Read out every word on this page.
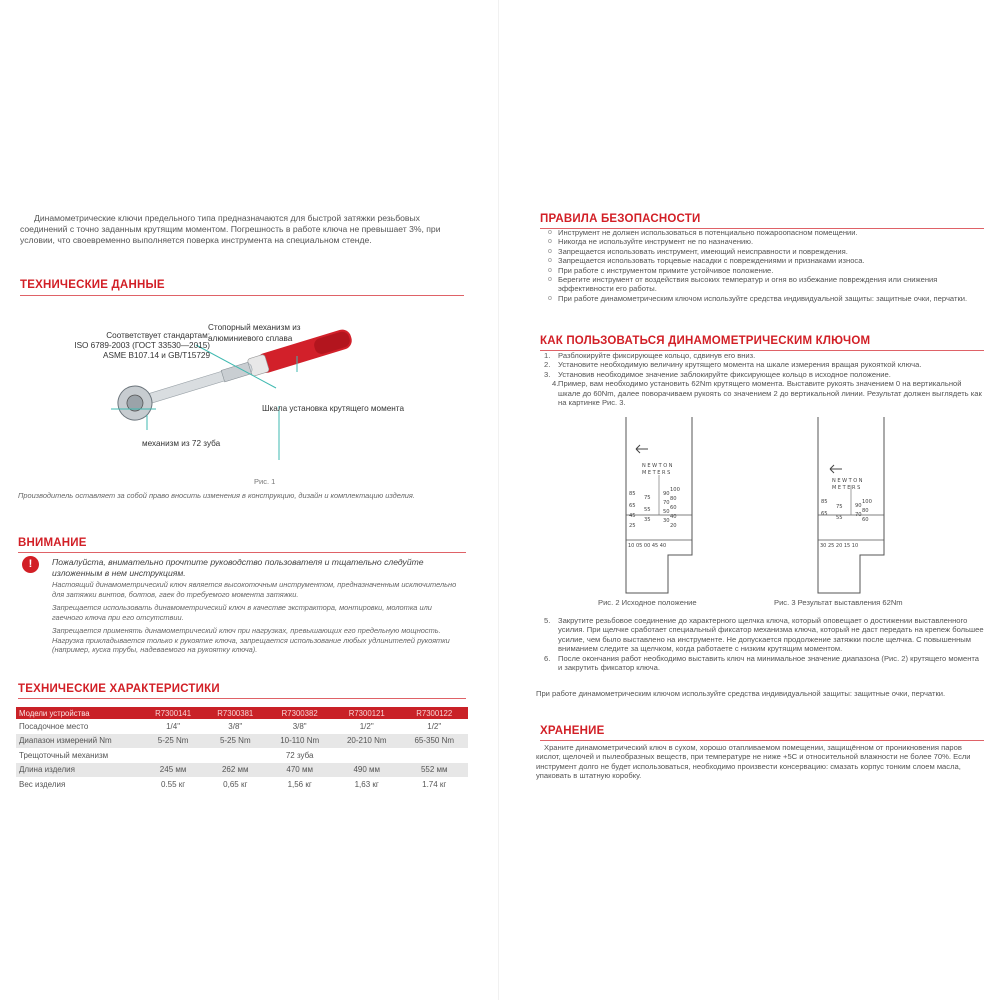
Динамометрические ключи предельного типа предназначаются для быстрой затяжки резьбовых соединений с точно заданным крутящим моментом. Погрешность в работе ключа не превышает 3%, при условии, что своевременно выполняется поверка инструмента на специальном стенде.

ТЕХНИЧЕСКИЕ ДАННЫЕ

Соответствует стандартам:
ISO 6789-2003 (ГОСТ 33530—2015)
ASME B107.14 и GB/T15729
Стопорный механизм из
алюминиевого сплава
Шкала установка крутящего момента
механизм из 72 зуба
Рис. 1

Производитель оставляет за собой право вносить изменения в конструкцию, дизайн и комплектацию изделия.

ВНИМАНИЕ

!	Пожалуйста, внимательно прочтите руководство пользователя и тщательно следуйте изложенным в нем инструкциям.

Настоящий динамометрический ключ является высокоточным инструментом, предназначенным исключительно для затяжки винтов, болтов, гаек до требуемого момента затяжки.

Запрещается использовать динамометрический ключ в качестве экстрактора, монтировки, молотка или гаечного ключа при его отсутствии.

Запрещается применять динамометрический ключ при нагрузках, превышающих его предельную мощность. Нагрузка прикладывается только к рукоятке ключа, запрещается использование любых удлинителей рукоятки (например, куска трубы, надеваемого на рукоятку ключа).

ТЕХНИЧЕСКИЕ ХАРАКТЕРИСТИКИ

Модели устройства	R7300141	R7300381	R7300382	R7300121	R7300122
Посадочное место	1/4"	3/8"	3/8"	1/2"	1/2"
Диапазон измерений Nm	5-25 Nm	5-25 Nm	10-110 Nm	20-210 Nm	65-350 Nm
Трещоточный механизм			72 зуба		
Длина изделия	245 мм	262 мм	470 мм	490 мм	552 мм
Вес изделия	0.55 кг	0,65 кг	1,56 кг	1,63 кг	1.74 кг

ПРАВИЛА БЕЗОПАСНОСТИ

o Инструмент не должен использоваться в потенциально пожароопасном помещении.
o Никогда не используйте инструмент не по назначению.
o Запрещается использовать инструмент, имеющий неисправности и повреждения.
o Запрещается использовать торцевые насадки с повреждениями и признаками износа.
o При работе с инструментом примите устойчивое положение.
o Берегите инструмент от воздействия высоких температур и огня во избежание повреждения или снижения эффективности его работы.
o При работе динамометрическим ключом используйте средства индивидуальной защиты: защитные очки, перчатки.

КАК ПОЛЬЗОВАТЬСЯ ДИНАМОМЕТРИЧЕСКИМ КЛЮЧОМ

1. Разблокируйте фиксирующее кольцо, сдвинув его вниз.
2. Установите необходимую величину крутящего момента на шкале измерения вращая рукояткой ключа.
3. Установив необходимое значение заблокируйте фиксирующее кольцо в исходное положение.
4. Пример, вам необходимо установить 62Nm крутящего момента. Выставите рукоять значением 0 на вертикальной шкале до 60Nm, далее поворачиваем рукоять со значением 2 до вертикальной линии. Результат должен выглядеть как на картинке Рис. 3.
N E W T O N
M E T E R S
85
65
45
25
75
55
35
100
90
80
70
60
50
40
30
20
10 05 00 45 40
Рис. 2 Исходное положение
N E W T O N
M E T E R S
85
65
75
55
100
90
80
70
60
30 25 20 15 10
Рис. 3 Результат выставления 62Nm
5. Закрутите резьбовое соединение до характерного щелчка ключа, который оповещает о достижении выставленного усилия. При щелчке сработает специальный фиксатор механизма ключа, который не даст передать на крепеж большее усилие, чем было выставлено на инструменте. Не допускается продолжение затяжки после щелчка. С повышенным вниманием следите за щелчком, когда работаете с низким крутящим моментом.
6. После окончания работ необходимо выставить ключ на минимальное значение диапазона (Рис. 2) крутящего момента и закрутить фиксатор ключа.

При работе динамометрическим ключом используйте средства индивидуальной защиты: защитные очки, перчатки.

ХРАНЕНИЕ

Храните динамометрический ключ в сухом, хорошо отапливаемом помещении, защищённом от проникновения паров кислот, щелочей и пылеобразных веществ, при температуре не ниже +5С и относительной влажности не более 70%. Если инструмент долго не будет использоваться, необходимо произвести консервацию: смазать корпус тонким слоем масла, упаковать в штатную коробку.
